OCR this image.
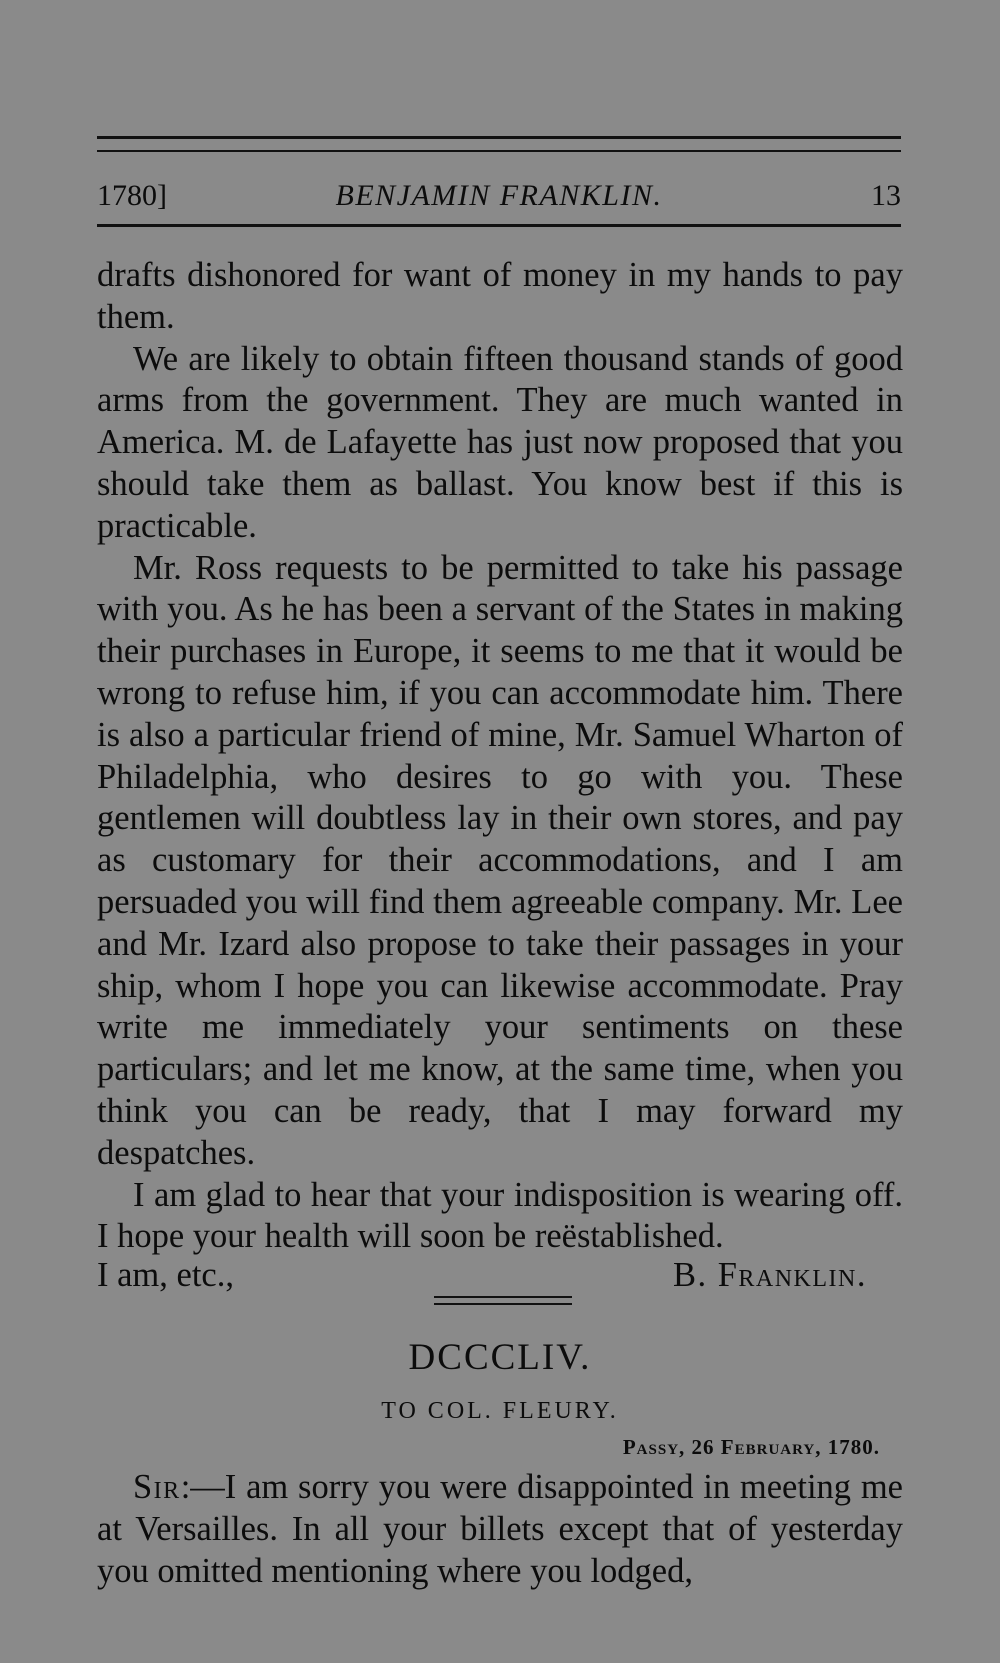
1780]	BENJAMIN FRANKLIN.	13

drafts dishonored for want of money in my hands to pay them.

We are likely to obtain fifteen thousand stands of good arms from the government. They are much wanted in America. M. de Lafayette has just now proposed that you should take them as ballast. You know best if this is practicable.

Mr. Ross requests to be permitted to take his passage with you. As he has been a servant of the States in making their purchases in Europe, it seems to me that it would be wrong to refuse him, if you can accommodate him. There is also a particular friend of mine, Mr. Samuel Wharton of Philadelphia, who desires to go with you. These gentlemen will doubtless lay in their own stores, and pay as customary for their accommodations, and I am persuaded you will find them agreeable company. Mr. Lee and Mr. Izard also propose to take their passages in your ship, whom I hope you can likewise accommodate. Pray write me immediately your sentiments on these particulars; and let me know, at the same time, when you think you can be ready, that I may forward my despatches.

I am glad to hear that your indisposition is wearing off. I hope your health will soon be reëstablished.

I am, etc.,	B. Franklin.
DCCCLIV.
TO COL. FLEURY.
Passy, 26 February, 1780.

Sir:—I am sorry you were disappointed in meeting me at Versailles. In all your billets except that of yesterday you omitted mentioning where you lodged,
